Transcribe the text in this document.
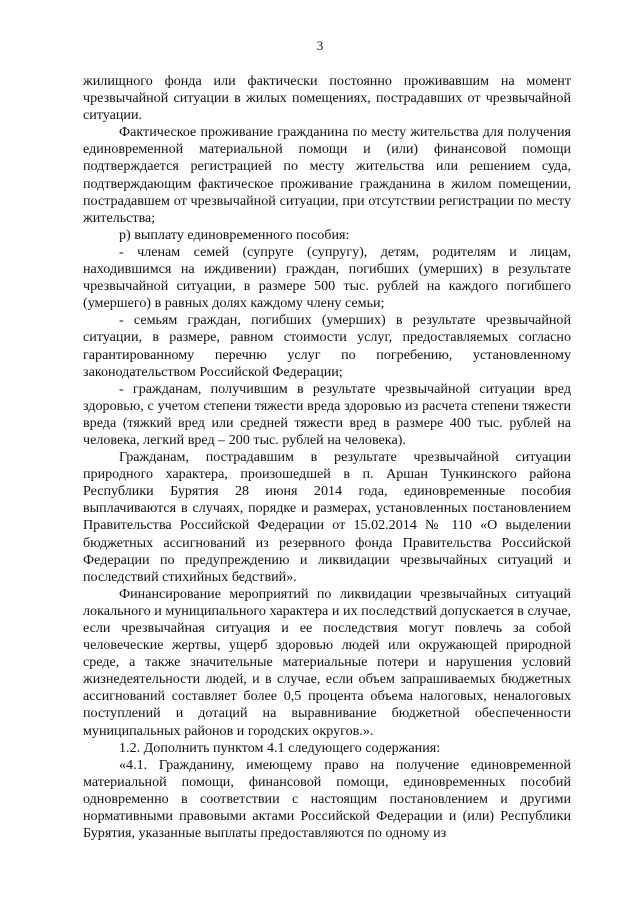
3

жилищного фонда или фактически постоянно проживавшим на момент чрезвычайной ситуации в жилых помещениях, пострадавших от чрезвычайной ситуации.

Фактическое проживание гражданина по месту жительства для получения единовременной материальной помощи и (или) финансовой помощи подтверждается регистрацией по месту жительства или решением суда, подтверждающим фактическое проживание гражданина в жилом помещении, пострадавшем от чрезвычайной ситуации, при отсутствии регистрации по месту жительства;

р) выплату единовременного пособия:

- членам семей (супруге (супругу), детям, родителям и лицам, находившимся на иждивении) граждан, погибших (умерших) в результате чрезвычайной ситуации, в размере 500 тыс. рублей на каждого погибшего (умершего) в равных долях каждому члену семьи;

- семьям граждан, погибших (умерших) в результате чрезвычайной ситуации, в размере, равном стоимости услуг, предоставляемых согласно гарантированному перечню услуг по погребению, установленному законодательством Российской Федерации;

- гражданам, получившим в результате чрезвычайной ситуации вред здоровью, с учетом степени тяжести вреда здоровью из расчета степени тяжести вреда (тяжкий вред или средней тяжести вред в размере 400 тыс. рублей на человека, легкий вред – 200 тыс. рублей на человека).

Гражданам, пострадавшим в результате чрезвычайной ситуации природного характера, произошедшей в п. Аршан Тункинского района Республики Бурятия 28 июня 2014 года, единовременные пособия выплачиваются в случаях, порядке и размерах, установленных постановлением Правительства Российской Федерации от 15.02.2014 № 110 «О выделении бюджетных ассигнований из резервного фонда Правительства Российской Федерации по предупреждению и ликвидации чрезвычайных ситуаций и последствий стихийных бедствий».

Финансирование мероприятий по ликвидации чрезвычайных ситуаций локального и муниципального характера и их последствий допускается в случае, если чрезвычайная ситуация и ее последствия могут повлечь за собой человеческие жертвы, ущерб здоровью людей или окружающей природной среде, а также значительные материальные потери и нарушения условий жизнедеятельности людей, и в случае, если объем запрашиваемых бюджетных ассигнований составляет более 0,5 процента объема налоговых, неналоговых поступлений и дотаций на выравнивание бюджетной обеспеченности муниципальных районов и городских округов.».

1.2. Дополнить пунктом 4.1 следующего содержания:

«4.1. Гражданину, имеющему право на получение единовременной материальной помощи, финансовой помощи, единовременных пособий одновременно в соответствии с настоящим постановлением и другими нормативными правовыми актами Российской Федерации и (или) Республики Бурятия, указанные выплаты предоставляются по одному из
